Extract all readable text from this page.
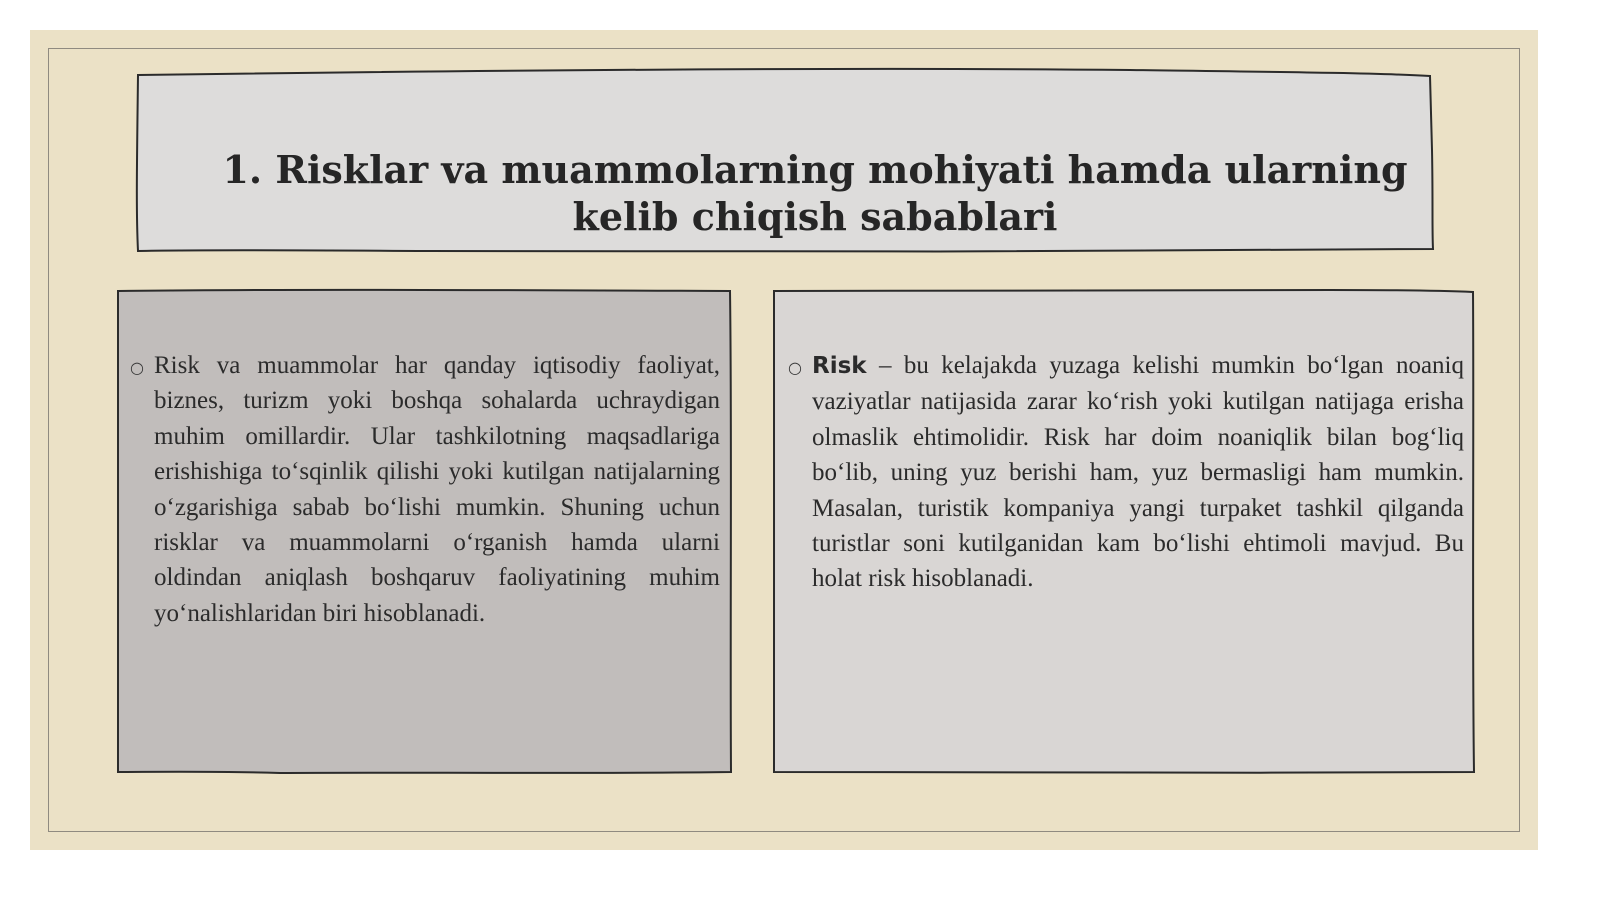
1. Risklar va muammolarning mohiyati hamda ularning kelib chiqish sabablari
○ Risk va muammolar har qanday iqtisodiy faoliyat, biznes, turizm yoki boshqa sohalarda uchraydigan muhim omillardir. Ular tashkilotning maqsadlariga erishishiga to‘sqinlik qilishi yoki kutilgan natijalarning o‘zgarishiga sabab bo‘lishi mumkin. Shuning uchun risklar va muammolarni o‘rganish hamda ularni oldindan aniqlash boshqaruv faoliyatining muhim yo‘nalishlaridan biri hisoblanadi.
○ Risk – bu kelajakda yuzaga kelishi mumkin bo‘lgan noaniq vaziyatlar natijasida zarar ko‘rish yoki kutilgan natijaga erisha olmaslik ehtimolidir. Risk har doim noaniqlik bilan bog‘liq bo‘lib, uning yuz berishi ham, yuz bermasligi ham mumkin. Masalan, turistik kompaniya yangi turpaket tashkil qilganda turistlar soni kutilganidan kam bo‘lishi ehtimoli mavjud. Bu holat risk hisoblanadi.
